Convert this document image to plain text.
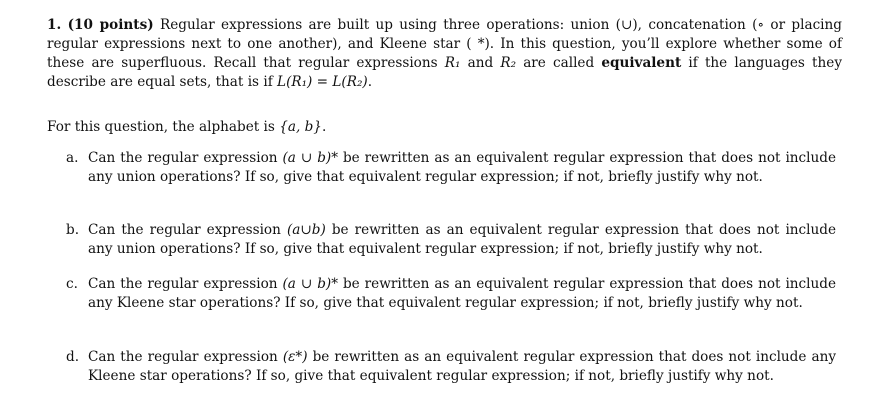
1. (10 points) Regular expressions are built up using three operations: union (∪), concatenation (∘ or placing regular expressions next to one another), and Kleene star ( *). In this question, you’ll explore whether some of these are superfluous. Recall that regular expressions R₁ and R₂ are called equivalent if the languages they describe are equal sets, that is if L(R₁) = L(R₂).
For this question, the alphabet is {a, b}.
a. Can the regular expression (a ∪ b)* be rewritten as an equivalent regular expression that does not include any union operations? If so, give that equivalent regular expression; if not, briefly justify why not.
b. Can the regular expression (a∪b) be rewritten as an equivalent regular expression that does not include any union operations? If so, give that equivalent regular expression; if not, briefly justify why not.
c. Can the regular expression (a ∪ b)* be rewritten as an equivalent regular expression that does not include any Kleene star operations? If so, give that equivalent regular expression; if not, briefly justify why not.
d. Can the regular expression (ε*) be rewritten as an equivalent regular expression that does not include any Kleene star operations? If so, give that equivalent regular expression; if not, briefly justify why not.
